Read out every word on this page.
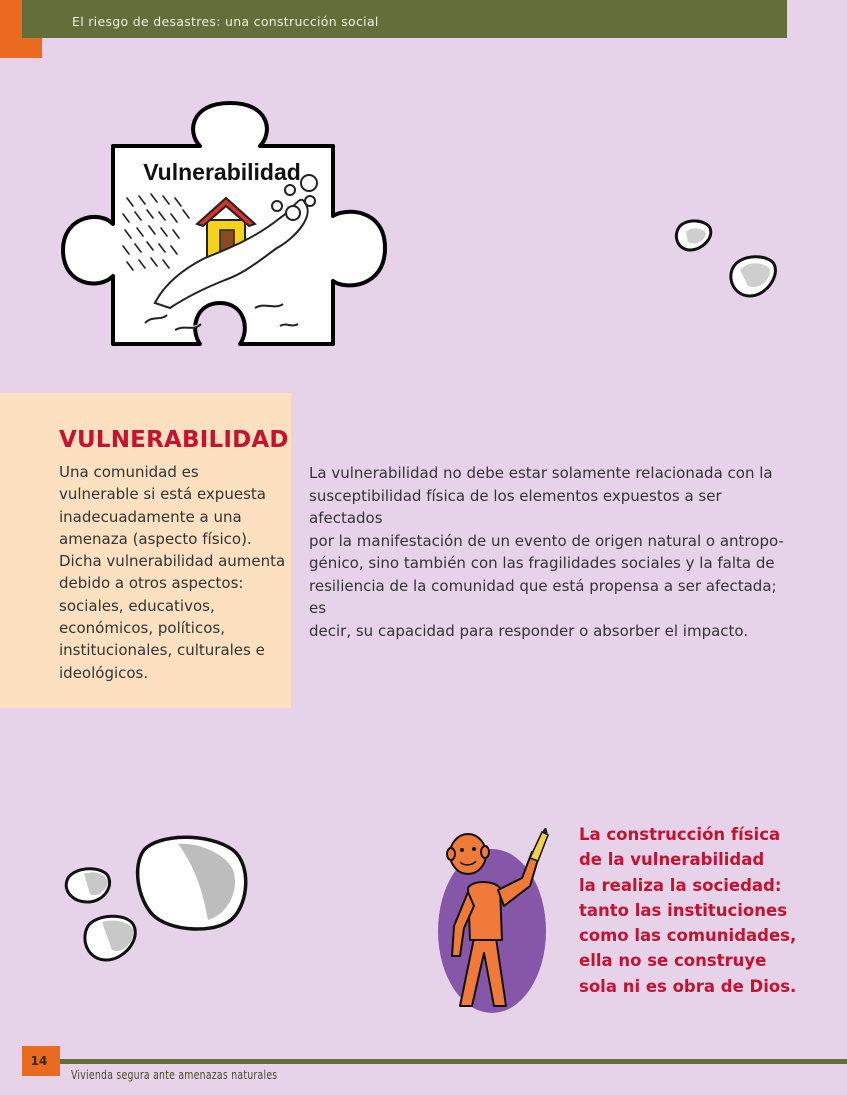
El riesgo de desastres: una construcción social
Vulnerabilidad
VULNERABILIDAD

Una comunidad es
vulnerable si está expuesta
inadecuadamente a una
amenaza (aspecto físico).
Dicha vulnerabilidad aumenta
debido a otros aspectos:
sociales, educativos,
económicos, políticos,
institucionales, culturales e
ideológicos.

La vulnerabilidad no debe estar solamente relacionada con la
susceptibilidad física de los elementos expuestos a ser afectados
por la manifestación de un evento de origen natural o antropo-
génico, sino también con las fragilidades sociales y la falta de
resiliencia de la comunidad que está propensa a ser afectada; es
decir, su capacidad para responder o absorber el impacto.

La construcción física
de la vulnerabilidad
la realiza la sociedad:
tanto las instituciones
como las comunidades,
ella no se construye
sola ni es obra de Dios.

14

Vivienda segura ante amenazas naturales
